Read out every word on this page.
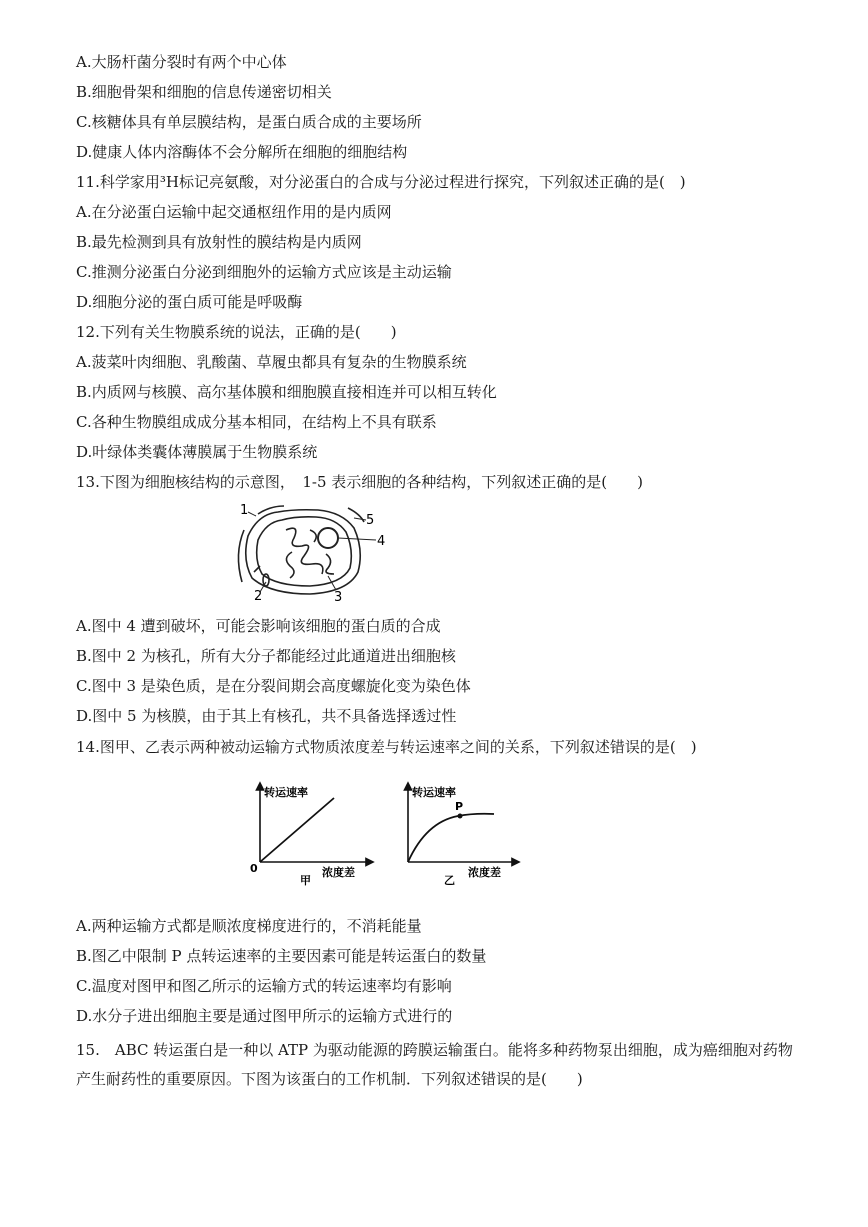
A.大肠杆菌分裂时有两个中心体
B.细胞骨架和细胞的信息传递密切相关
C.核糖体具有单层膜结构，是蛋白质合成的主要场所
D.健康人体内溶酶体不会分解所在细胞的细胞结构
11.科学家用³H标记亮氨酸，对分泌蛋白的合成与分泌过程进行探究，下列叙述正确的是(　)
A.在分泌蛋白运输中起交通枢纽作用的是内质网
B.最先检测到具有放射性的膜结构是内质网
C.推测分泌蛋白分泌到细胞外的运输方式应该是主动运输
D.细胞分泌的蛋白质可能是呼吸酶
12.下列有关生物膜系统的说法，正确的是(　　)
A.菠菜叶肉细胞、乳酸菌、草履虫都具有复杂的生物膜系统
B.内质网与核膜、高尔基体膜和细胞膜直接相连并可以相互转化
C.各种生物膜组成成分基本相同，在结构上不具有联系
D.叶绿体类囊体薄膜属于生物膜系统
13.下图为细胞核结构的示意图，　1-5 表示细胞的各种结构，下列叙述正确的是(　　)
1
2	3
4
5
A.图中 4 遭到破坏，可能会影响该细胞的蛋白质的合成
B.图中 2 为核孔，所有大分子都能经过此通道进出细胞核
C.图中 3 是染色质，是在分裂间期会高度螺旋化变为染色体
D.图中 5 为核膜，由于其上有核孔，共不具备选择透过性
14.图甲、乙表示两种被动运输方式物质浓度差与转运速率之间的关系，下列叙述错误的是(　)
转运速率
0	浓度差
甲
转运速率
P
浓度差
乙
A.两种运输方式都是顺浓度梯度进行的，不消耗能量
B.图乙中限制 P 点转运速率的主要因素可能是转运蛋白的数量
C.温度对图甲和图乙所示的运输方式的转运速率均有影响
D.水分子进出细胞主要是通过图甲所示的运输方式进行的
15.　ABC 转运蛋白是一种以 ATP 为驱动能源的跨膜运输蛋白。能将多种药物泵出细胞，成为癌细胞对药物产生耐药性的重要原因。下图为该蛋白的工作机制．下列叙述错误的是(　　)
